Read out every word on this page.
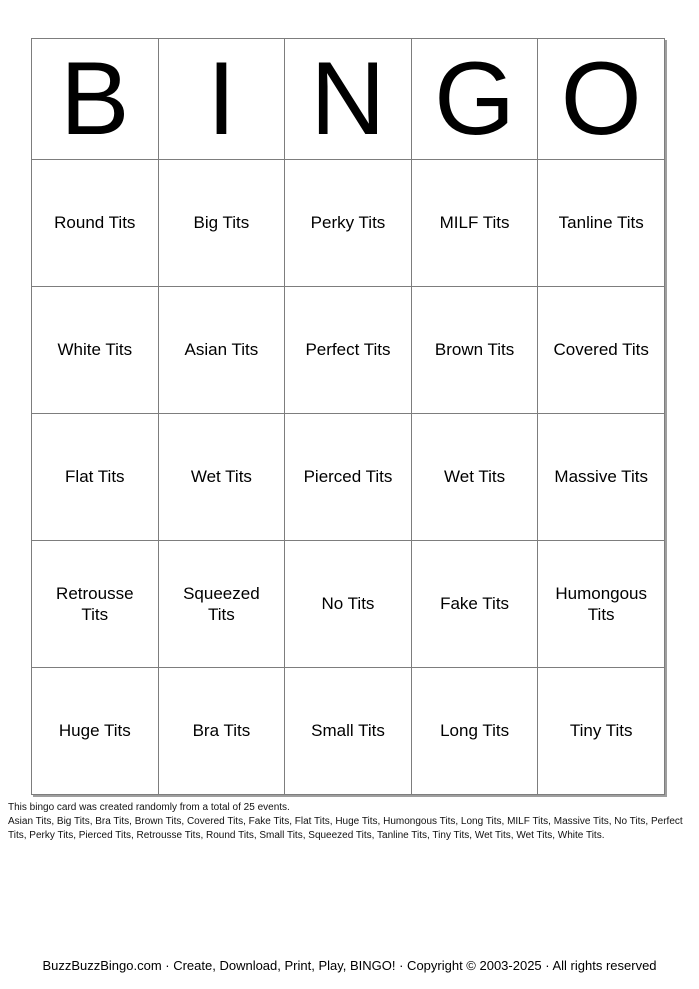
B	I	N	G	O
Round Tits	Big Tits	Perky Tits	MILF Tits	Tanline Tits
White Tits	Asian Tits	Perfect Tits	Brown Tits	Covered Tits
Flat Tits	Wet Tits	Pierced Tits	Wet Tits	Massive Tits
Retrousse Tits	Squeezed Tits	No Tits	Fake Tits	Humongous Tits
Huge Tits	Bra Tits	Small Tits	Long Tits	Tiny Tits
This bingo card was created randomly from a total of 25 events.
Asian Tits, Big Tits, Bra Tits, Brown Tits, Covered Tits, Fake Tits, Flat Tits, Huge Tits, Humongous Tits, Long Tits, MILF Tits, Massive Tits, No Tits, Perfect Tits, Perky Tits, Pierced Tits, Retrousse Tits, Round Tits, Small Tits, Squeezed Tits, Tanline Tits, Tiny Tits, Wet Tits, Wet Tits, White Tits.
BuzzBuzzBingo.com · Create, Download, Print, Play, BINGO! · Copyright © 2003-2025 · All rights reserved
